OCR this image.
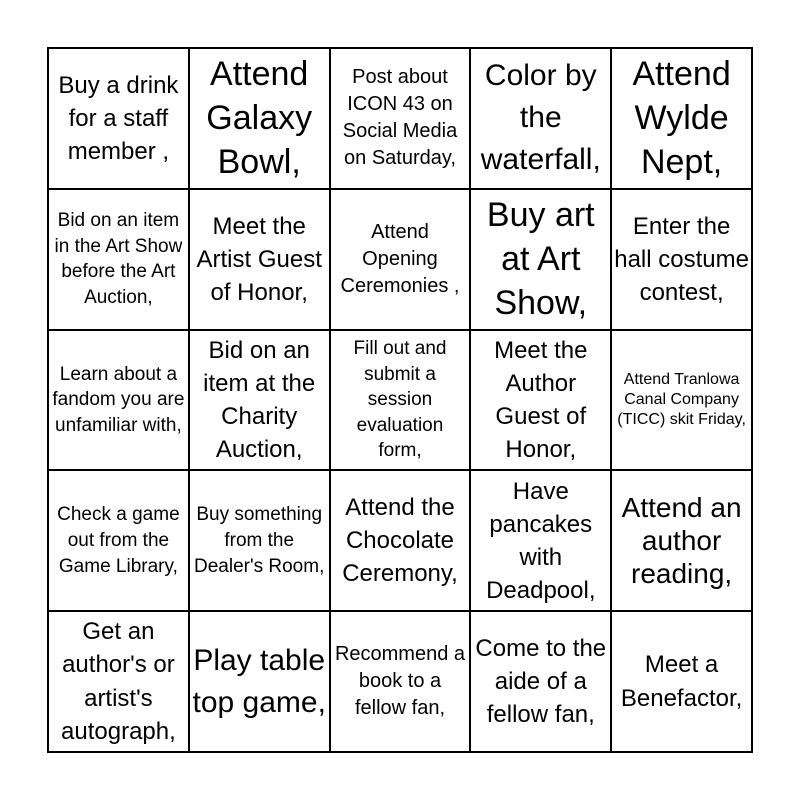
Buy a drink for a staff member ,
Attend Galaxy Bowl,
Post about ICON 43 on Social Media on Saturday,
Color by the waterfall,
Attend Wylde Nept,
Bid on an item in the Art Show before the Art Auction,
Meet the Artist Guest of Honor,
Attend Opening Ceremonies ,
Buy art at Art Show,
Enter the hall costume contest,
Learn about a fandom you are unfamiliar with,
Bid on an item at the Charity Auction,
Fill out and submit a session evaluation form,
Meet the Author Guest of Honor,
Attend Tranlowa Canal Company (TICC) skit Friday,
Check a game out from the Game Library,
Buy something from the Dealer's Room,
Attend the Chocolate Ceremony,
Have pancakes with Deadpool,
Attend an author reading,
Get an author's or artist's autograph,
Play table top game,
Recommend a book to a fellow fan,
Come to the aide of a fellow fan,
Meet a Benefactor,
